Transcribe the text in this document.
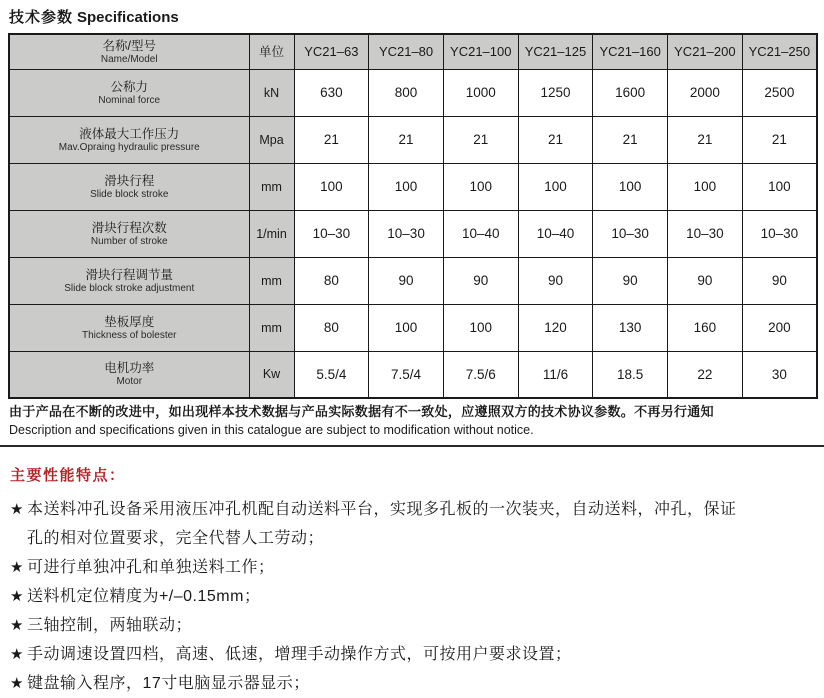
技术参数 Specifications
名称/型号
Name/Model	单位	YC21–63	YC21–80	YC21–100	YC21–125	YC21–160	YC21–200	YC21–250

公称力
Nominal force	kN	630	800	1000	1250	1600	2000	2500

液体最大工作压力
Mav.Opraing hydraulic pressure	Mpa	21	21	21	21	21	21	21

滑块行程
Slide block stroke	mm	100	100	100	100	100	100	100

滑块行程次数
Number of stroke	1/min	10–30	10–30	10–40	10–40	10–30	10–30	10–30

滑块行程调节量
Slide block stroke adjustment	mm	80	90	90	90	90	90	90

垫板厚度
Thickness of bolester	mm	80	100	100	120	130	160	200

电机功率
Motor	Kw	5.5/4	7.5/4	7.5/6	11/6	18.5	22	30

由于产品在不断的改进中，如出现样本技术数据与产品实际数据有不一致处，应遵照双方的技术协议参数。不再另行通知
Description and specifications given in this catalogue are subject to modification without notice.

主要性能特点：
★ 本送料冲孔设备采用液压冲孔机配自动送料平台，实现多孔板的一次装夹，自动送料，冲孔，保证
孔的相对位置要求，完全代替人工劳动；
★ 可进行单独冲孔和单独送料工作；
★ 送料机定位精度为+/–0.15mm；
★ 三轴控制，两轴联动；
★ 手动调速设置四档，高速、低速，增理手动操作方式，可按用户要求设置；
★ 键盘输入程序，17寸电脑显示器显示；
